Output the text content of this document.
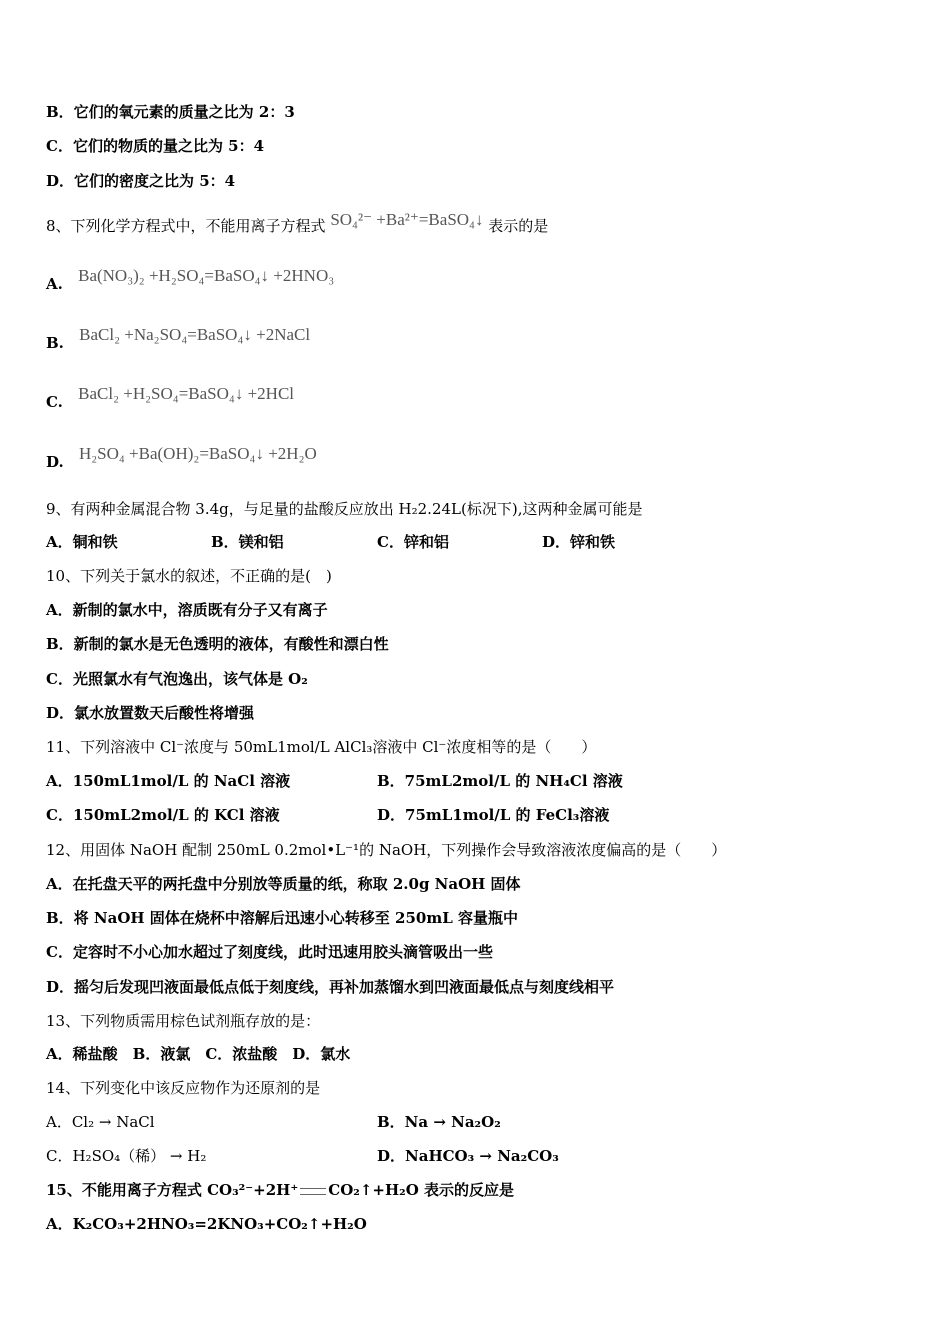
B．它们的氧元素的质量之比为 2：3
C．它们的物质的量之比为 5：4
D．它们的密度之比为 5：4
8、下列化学方程式中，不能用离子方程式 SO₄²⁻ +Ba²⁺=BaSO₄↓ 表示的是
A. Ba(NO₃)₂ +H₂SO₄=BaSO₄↓ +2HNO₃
B. BaCl₂ +Na₂SO₄=BaSO₄↓ +2NaCl
C. BaCl₂ +H₂SO₄=BaSO₄↓ +2HCl
D. H₂SO₄ +Ba(OH)₂=BaSO₄↓ +2H₂O
9、有两种金属混合物 3.4g，与足量的盐酸反应放出 H₂2.24L(标况下),这两种金属可能是
A．铜和铁	B．镁和铝	C．锌和铝	D．锌和铁
10、下列关于氯水的叙述，不正确的是(　)
A．新制的氯水中，溶质既有分子又有离子
B．新制的氯水是无色透明的液体，有酸性和漂白性
C．光照氯水有气泡逸出，该气体是 O₂
D．氯水放置数天后酸性将增强
11、下列溶液中 Cl⁻浓度与 50mL1mol/L AlCl₃溶液中 Cl⁻浓度相等的是（　　）
A．150mL1mol/L 的 NaCl 溶液	B．75mL2mol/L 的 NH₄Cl 溶液
C．150mL2mol/L 的 KCl 溶液	D．75mL1mol/L 的 FeCl₃溶液
12、用固体 NaOH 配制 250mL 0.2mol•L⁻¹的 NaOH，下列操作会导致溶液浓度偏高的是（　　）
A．在托盘天平的两托盘中分别放等质量的纸，称取 2.0g NaOH 固体
B．将 NaOH 固体在烧杯中溶解后迅速小心转移至 250mL 容量瓶中
C．定容时不小心加水超过了刻度线，此时迅速用胶头滴管吸出一些
D．摇匀后发现凹液面最低点低于刻度线，再补加蒸馏水到凹液面最低点与刻度线相平
13、下列物质需用棕色试剂瓶存放的是：
A．稀盐酸　B．液氯　C．浓盐酸　D．氯水
14、下列变化中该反应物作为还原剂的是
A．Cl₂ → NaCl	B．Na → Na₂O₂
C．H₂SO₄（稀） → H₂	D．NaHCO₃ → Na₂CO₃
15、不能用离子方程式 CO₃²⁻+2H⁺ CO₂↑+H₂O 表示的反应是
A．K₂CO₃+2HNO₃=2KNO₃+CO₂↑+H₂O
